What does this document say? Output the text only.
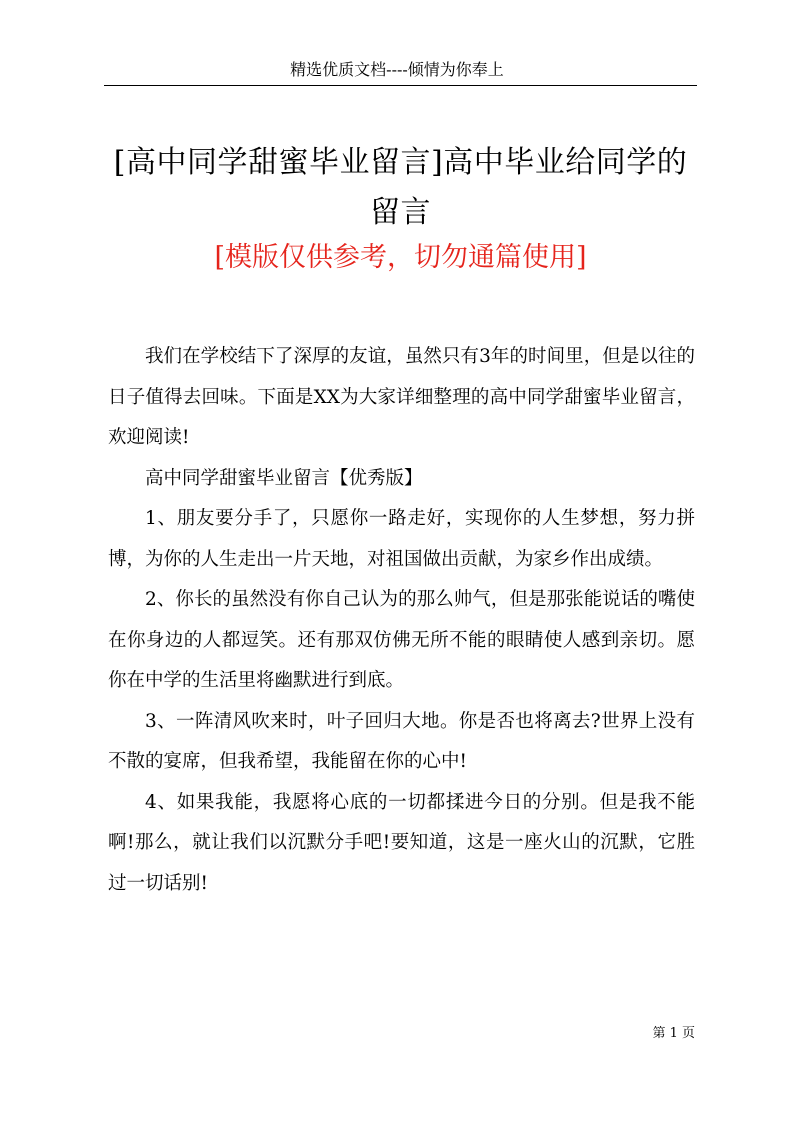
精选优质文档----倾情为你奉上
[高中同学甜蜜毕业留言]高中毕业给同学的留言
[模版仅供参考，切勿通篇使用]

我们在学校结下了深厚的友谊，虽然只有3年的时间里，但是以往的日子值得去回味。下面是XX为大家详细整理的高中同学甜蜜毕业留言，欢迎阅读!

高中同学甜蜜毕业留言【优秀版】

1、朋友要分手了，只愿你一路走好，实现你的人生梦想，努力拼博，为你的人生走出一片天地，对祖国做出贡献，为家乡作出成绩。

2、你长的虽然没有你自己认为的那么帅气，但是那张能说话的嘴使在你身边的人都逗笑。还有那双仿佛无所不能的眼睛使人感到亲切。愿你在中学的生活里将幽默进行到底。

3、一阵清风吹来时，叶子回归大地。你是否也将离去?世界上没有不散的宴席，但我希望，我能留在你的心中!

4、如果我能，我愿将心底的一切都揉进今日的分别。但是我不能啊!那么，就让我们以沉默分手吧!要知道，这是一座火山的沉默，它胜过一切话别!

第 1 页
